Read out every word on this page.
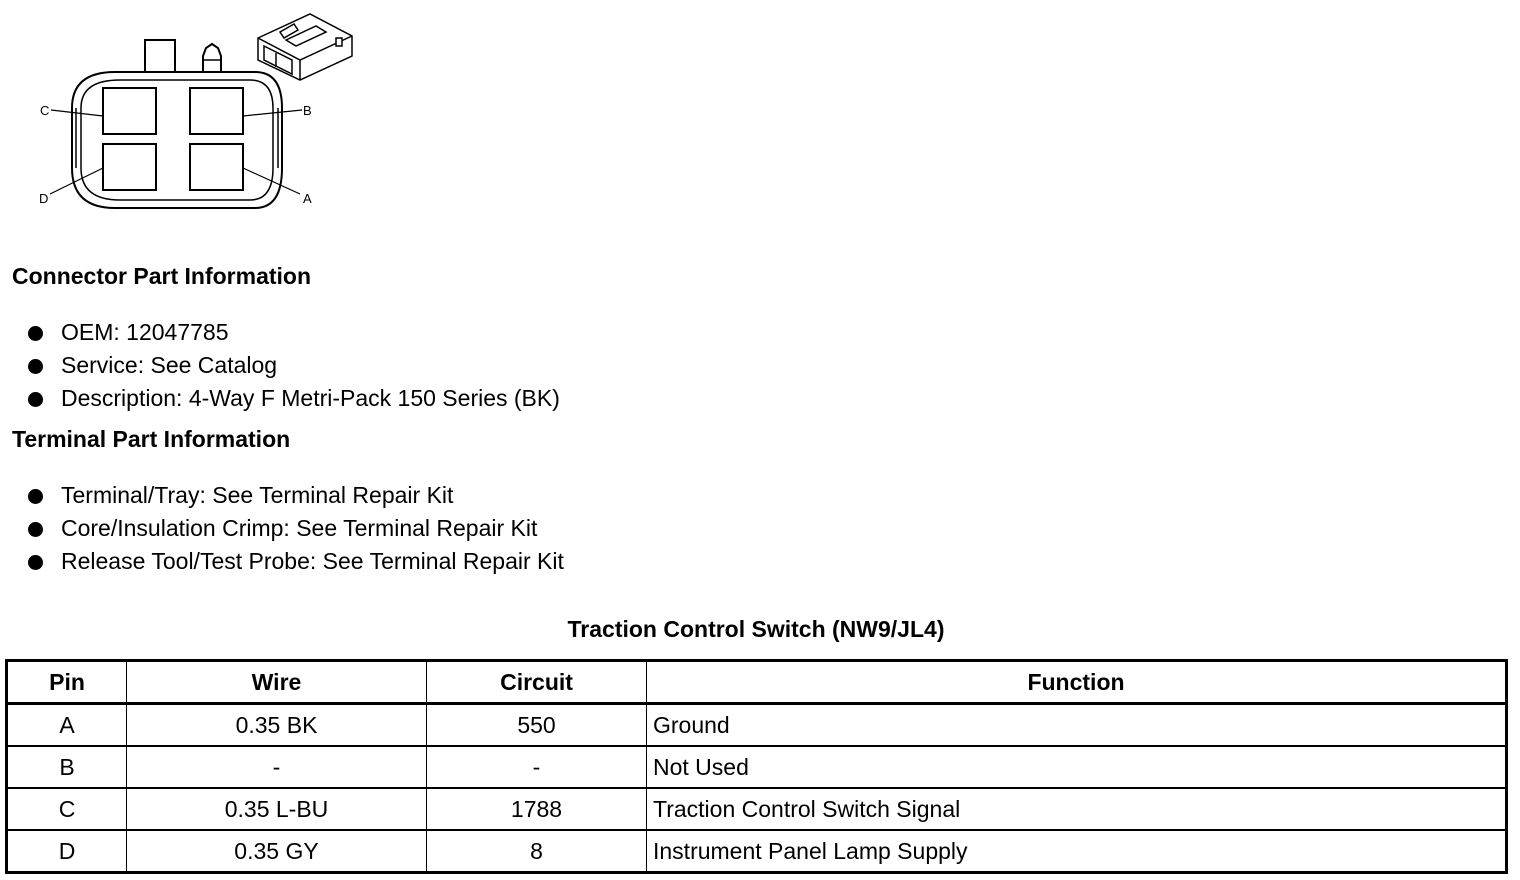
C	B
D	A
Connector Part Information
OEM: 12047785
Service: See Catalog
Description: 4-Way F Metri-Pack 150 Series (BK)
Terminal Part Information
Terminal/Tray: See Terminal Repair Kit
Core/Insulation Crimp: See Terminal Repair Kit
Release Tool/Test Probe: See Terminal Repair Kit
Traction Control Switch (NW9/JL4)
Pin	Wire	Circuit	Function
A	0.35 BK	550	Ground
B	-	-	Not Used
C	0.35 L-BU	1788	Traction Control Switch Signal
D	0.35 GY	8	Instrument Panel Lamp Supply
